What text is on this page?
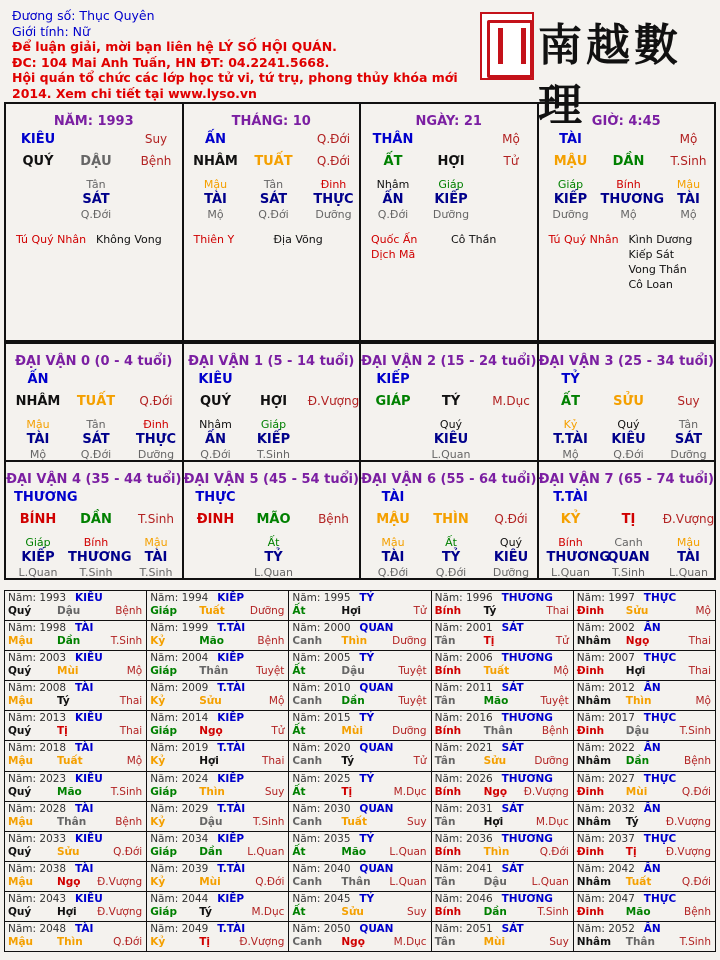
Đương số: Thục Quyên
Giới tính: Nữ
Để luận giải, mời bạn liên hệ LÝ SỐ HỘI QUÁN.
ĐC: 104 Mai Anh Tuấn, HN ĐT: 04.2241.5668.
Hội quán tổ chức các lớp học tử vi, tứ trụ, phong thủy khóa mới 2014. Xem chi tiết tại www.lyso.vn
南越數理
NĂM: 1993
KIÊU	Suy
QUÝ	DẬU	Bệnh
Tân
SÁT
Q.Đới
Tú Quý Nhân Không Vong
THÁNG: 10
ẤN	Q.Đới
NHÂM	TUẤT	Q.Đới
Mậu
TÀI
Mộ
Tân
SÁT
Q.Đới
Đinh
THỰC
Dưỡng
Thiên Y	Địa Võng
NGÀY: 21
THÂN	Mộ
ẤT	HỢI	Tử
Nhâm
ẤN
Q.Đới
Giáp
KIẾP
Dưỡng
Quốc Ấn
Dịch Mã
Cô Thần
GIỜ: 4:45
TÀI	Mộ
MẬU	DẦN	T.Sinh
Giáp
KIẾP
Dưỡng
Bính
THƯƠNG
Mộ
Mậu
TÀI
Mộ
Tú Quý Nhân Kình Dương
Kiếp Sát
Vong Thần
Cô Loan
ĐẠI VẬN 0 (0 - 4 tuổi)
ẤN
NHÂM	TUẤT	Q.Đới
Mậu
TÀI
Mộ
Tân
SÁT
Q.Đới
Đinh
THỰC
Dưỡng
ĐẠI VẬN 1 (5 - 14 tuổi)
KIÊU
QUÝ	HỢI	Đ.Vượng
Nhâm
ẤN
Q.Đới
Giáp
KIẾP
T.Sinh
ĐẠI VẬN 2 (15 - 24 tuổi)
KIẾP
GIÁP	TÝ	M.Dục
Quý
KIÊU
L.Quan
ĐẠI VẬN 3 (25 - 34 tuổi)
TỶ
ẤT	SỬU	Suy
Kỷ
T.TÀI
Mộ
Quý
KIÊU
Q.Đới
Tân
SÁT
Dưỡng
ĐẠI VẬN 4 (35 - 44 tuổi)
THƯƠNG
BÍNH	DẦN	T.Sinh
Giáp
KIẾP
L.Quan
Bính
THƯƠNG
T.Sinh
Mậu
TÀI
T.Sinh
ĐẠI VẬN 5 (45 - 54 tuổi)
THỰC
ĐINH	MÃO	Bệnh
Ất
TỶ
L.Quan
ĐẠI VẬN 6 (55 - 64 tuổi)
TÀI
MẬU	THÌN	Q.Đới
Mậu
TÀI
Q.Đới
Ất
TỶ
Q.Đới
Quý
KIÊU
Dưỡng
ĐẠI VẬN 7 (65 - 74 tuổi)
T.TÀI
KỶ	TỊ	Đ.Vượng
Bính
THƯƠNG
L.Quan
Canh
QUAN
T.Sinh
Mậu
TÀI
L.Quan
Năm: 1993 KIÊU
Quý Dậu	Bệnh
Năm: 1994 KIẾP
Giáp Tuất Dưỡng
Năm: 1995 TỶ
Ất	Hợi	Tử
Năm: 1996 THƯƠNG
Bính Tý	Thai
Năm: 1997 THỰC
Đinh Sửu	Mộ
Năm: 1998 TÀI
Mậu Dần	T.Sinh
Năm: 1999 T.TÀI
Kỷ	Mão	Bệnh
Năm: 2000 QUAN
Canh Thìn Dưỡng
Năm: 2001 SÁT
Tân	Tị	Tử
Năm: 2002 ẤN
Nhâm Ngọ	Thai
Năm: 2003 KIÊU
Quý Mùi	Mộ
Năm: 2004 KIẾP
Giáp Thân	Tuyệt
Năm: 2005 TỶ
Ất	Dậu	Tuyệt
Năm: 2006 THƯƠNG
Bính Tuất	Mộ
Năm: 2007 THỰC
Đinh Hợi	Thai
Năm: 2008 TÀI
Mậu Tý	Thai
Năm: 2009 T.TÀI
Kỷ	Sửu	Mộ
Năm: 2010 QUAN
Canh Dần	Tuyệt
Năm: 2011 SÁT
Tân	Mão	Tuyệt
Năm: 2012 ẤN
Nhâm Thìn	Mộ
Năm: 2013 KIÊU
Quý Tị	Thai
Năm: 2014 KIẾP
Giáp Ngọ	Tử
Năm: 2015 TỶ
Ất	Mùi	Dưỡng
Năm: 2016 THƯƠNG
Bính Thân	Bệnh
Năm: 2017 THỰC
Đinh Dậu	T.Sinh
Năm: 2018 TÀI
Mậu Tuất	Mộ
Năm: 2019 T.TÀI
Kỷ	Hợi	Thai
Năm: 2020 QUAN
Canh Tý	Tử
Năm: 2021 SÁT
Tân	Sửu	Dưỡng
Năm: 2022 ẤN
Nhâm Dần	Bệnh
Năm: 2023 KIÊU
Quý Mão	T.Sinh
Năm: 2024 KIẾP
Giáp Thìn	Suy
Năm: 2025 TỶ
Ất	Tị	M.Dục
Năm: 2026 THƯƠNG
Bính Ngọ Đ.Vượng
Năm: 2027 THỰC
Đinh Mùi	Q.Đới
Năm: 2028 TÀI
Mậu Thân	Bệnh
Năm: 2029 T.TÀI
Kỷ	Dậu	T.Sinh
Năm: 2030 QUAN
Canh Tuất	Suy
Năm: 2031 SÁT
Tân	Hợi	M.Dục
Năm: 2032 ẤN
Nhâm Tý	Đ.Vượng
Năm: 2033 KIÊU
Quý Sửu	Q.Đới
Năm: 2034 KIẾP
Giáp Dần L.Quan
Năm: 2035 TỶ
Ất	Mão L.Quan
Năm: 2036 THƯƠNG
Bính Thìn	Q.Đới
Năm: 2037 THỰC
Đinh Tị	Đ.Vượng
Năm: 2038 TÀI
Mậu Ngọ Đ.Vượng
Năm: 2039 T.TÀI
Kỷ	Mùi	Q.Đới
Năm: 2040 QUAN
Canh Thân L.Quan
Năm: 2041 SÁT
Tân	Dậu L.Quan
Năm: 2042 ẤN
Nhâm Tuất	Q.Đới
Năm: 2043 KIÊU
Quý Hợi Đ.Vượng
Năm: 2044 KIẾP
Giáp Tý	M.Dục
Năm: 2045 TỶ
Ất	Sửu	Suy
Năm: 2046 THƯƠNG
Bính Dần	T.Sinh
Năm: 2047 THỰC
Đinh Mão	Bệnh
Năm: 2048 TÀI
Mậu Thìn	Q.Đới
Năm: 2049 T.TÀI
Kỷ	Tị	Đ.Vượng
Năm: 2050 QUAN
Canh Ngọ	M.Dục
Năm: 2051 SÁT
Tân	Mùi	Suy
Năm: 2052 ẤN
Nhâm Thân T.Sinh
